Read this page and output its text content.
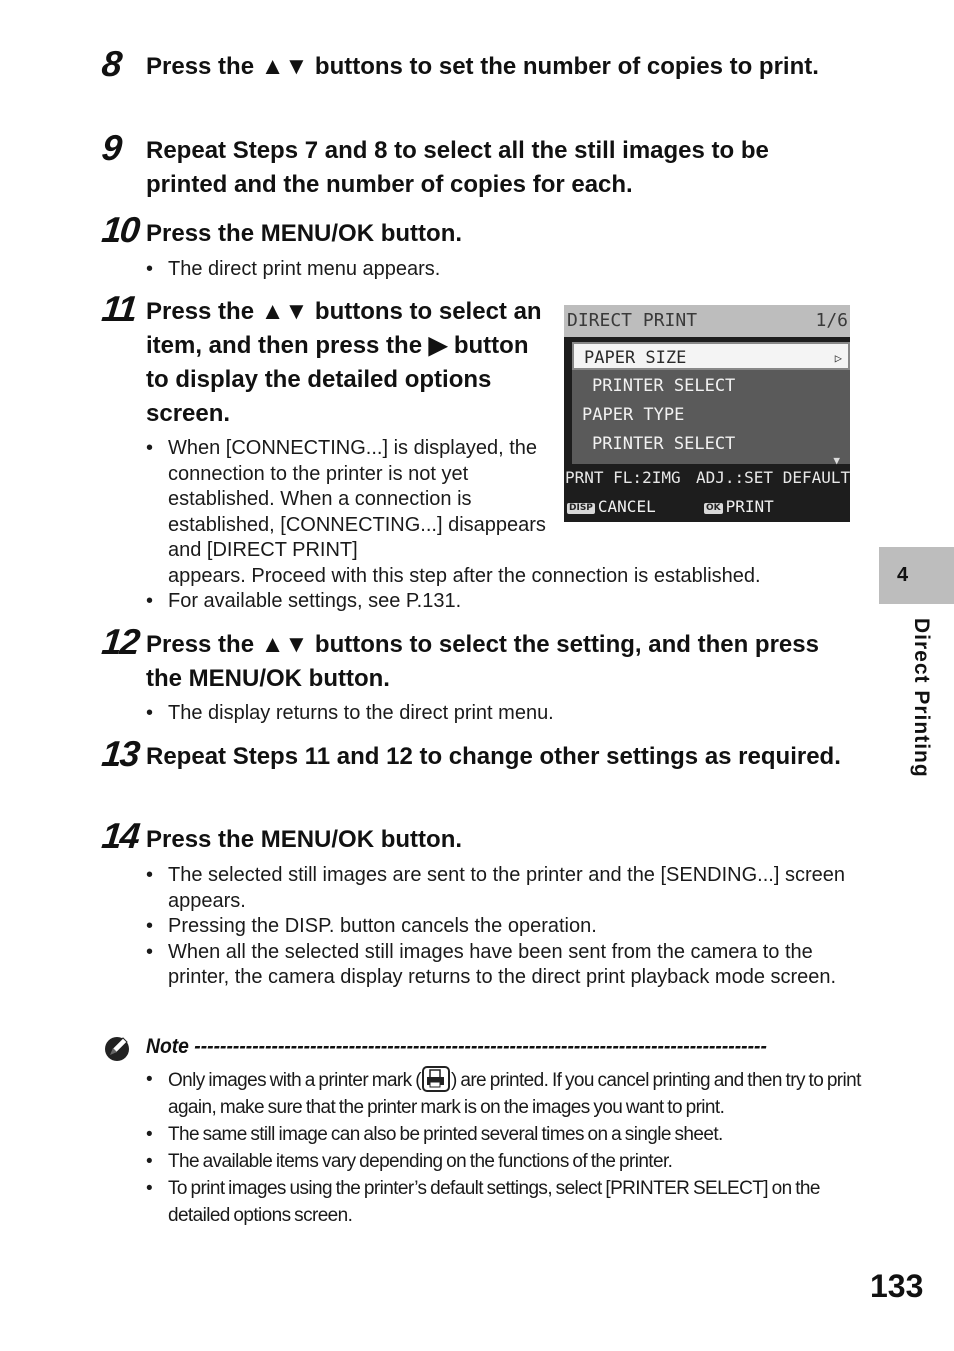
8 Press the ▲▼ buttons to set the number of copies to print.
9 Repeat Steps 7 and 8 to select all the still images to be printed and the number of copies for each.
10 Press the MENU/OK button.
• The direct print menu appears.
11 Press the ▲▼ buttons to select an item, and then press the ▶ button to display the detailed options screen.
• When [CONNECTING...] is displayed, the connection to the printer is not yet established. When a connection is established, [CONNECTING...] disappears and [DIRECT PRINT]
appears. Proceed with this step after the connection is established.
• For available settings, see P.131.
DIRECT PRINT	1/6
PAPER SIZE	▷
PRINTER SELECT
PAPER TYPE
PRINTER SELECT
▼
PRNT FL:2IMG ADJ.:SET DEFAULT
DISP CANCEL	OK PRINT
12 Press the ▲▼ buttons to select the setting, and then press the MENU/OK button.
• The display returns to the direct print menu.
13 Repeat Steps 11 and 12 to change other settings as required.
14 Press the MENU/OK button.
• The selected still images are sent to the printer and the [SENDING...] screen appears.
• Pressing the DISP. button cancels the operation.
• When all the selected still images have been sent from the camera to the printer, the camera display returns to the direct print playback mode screen.
4
Direct Printing
Note -----------------------------------------------------------------------------------------
• Only images with a printer mark ( ) are printed. If you cancel printing and then try to print again, make sure that the printer mark is on the images you want to print.
• The same still image can also be printed several times on a single sheet.
• The available items vary depending on the functions of the printer.
• To print images using the printer’s default settings, select [PRINTER SELECT] on the detailed options screen.
133
